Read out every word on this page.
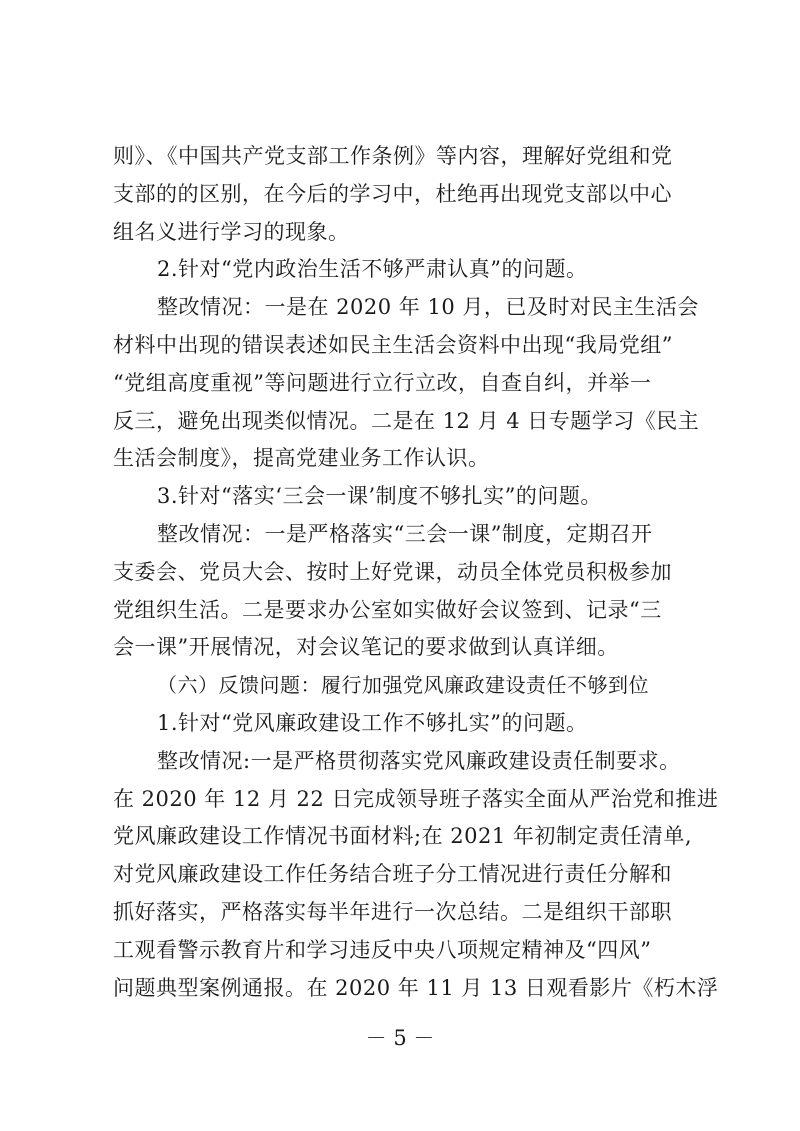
则》、《中国共产党支部工作条例》等内容，理解好党组和党
支部的的区别，在今后的学习中，杜绝再出现党支部以中心
组名义进行学习的现象。
2.针对“党内政治生活不够严肃认真”的问题。
整改情况：一是在 2020 年 10 月，已及时对民主生活会
材料中出现的错误表述如民主生活会资料中出现“我局党组”
“党组高度重视”等问题进行立行立改，自查自纠，并举一
反三，避免出现类似情况。二是在 12 月 4 日专题学习《民主
生活会制度》，提高党建业务工作认识。
3.针对“落实‘三会一课’制度不够扎实”的问题。
整改情况：一是严格落实“三会一课”制度，定期召开
支委会、党员大会、按时上好党课，动员全体党员积极参加
党组织生活。二是要求办公室如实做好会议签到、记录“三
会一课”开展情况，对会议笔记的要求做到认真详细。
（六）反馈问题：履行加强党风廉政建设责任不够到位
1.针对“党风廉政建设工作不够扎实”的问题。
整改情况:一是严格贯彻落实党风廉政建设责任制要求。
在 2020 年 12 月 22 日完成领导班子落实全面从严治党和推进
党风廉政建设工作情况书面材料;在 2021 年初制定责任清单,
对党风廉政建设工作任务结合班子分工情况进行责任分解和
抓好落实，严格落实每半年进行一次总结。二是组织干部职
工观看警示教育片和学习违反中央八项规定精神及“四风”
问题典型案例通报。在 2020 年 11 月 13 日观看影片《朽木浮
－ 5 －
